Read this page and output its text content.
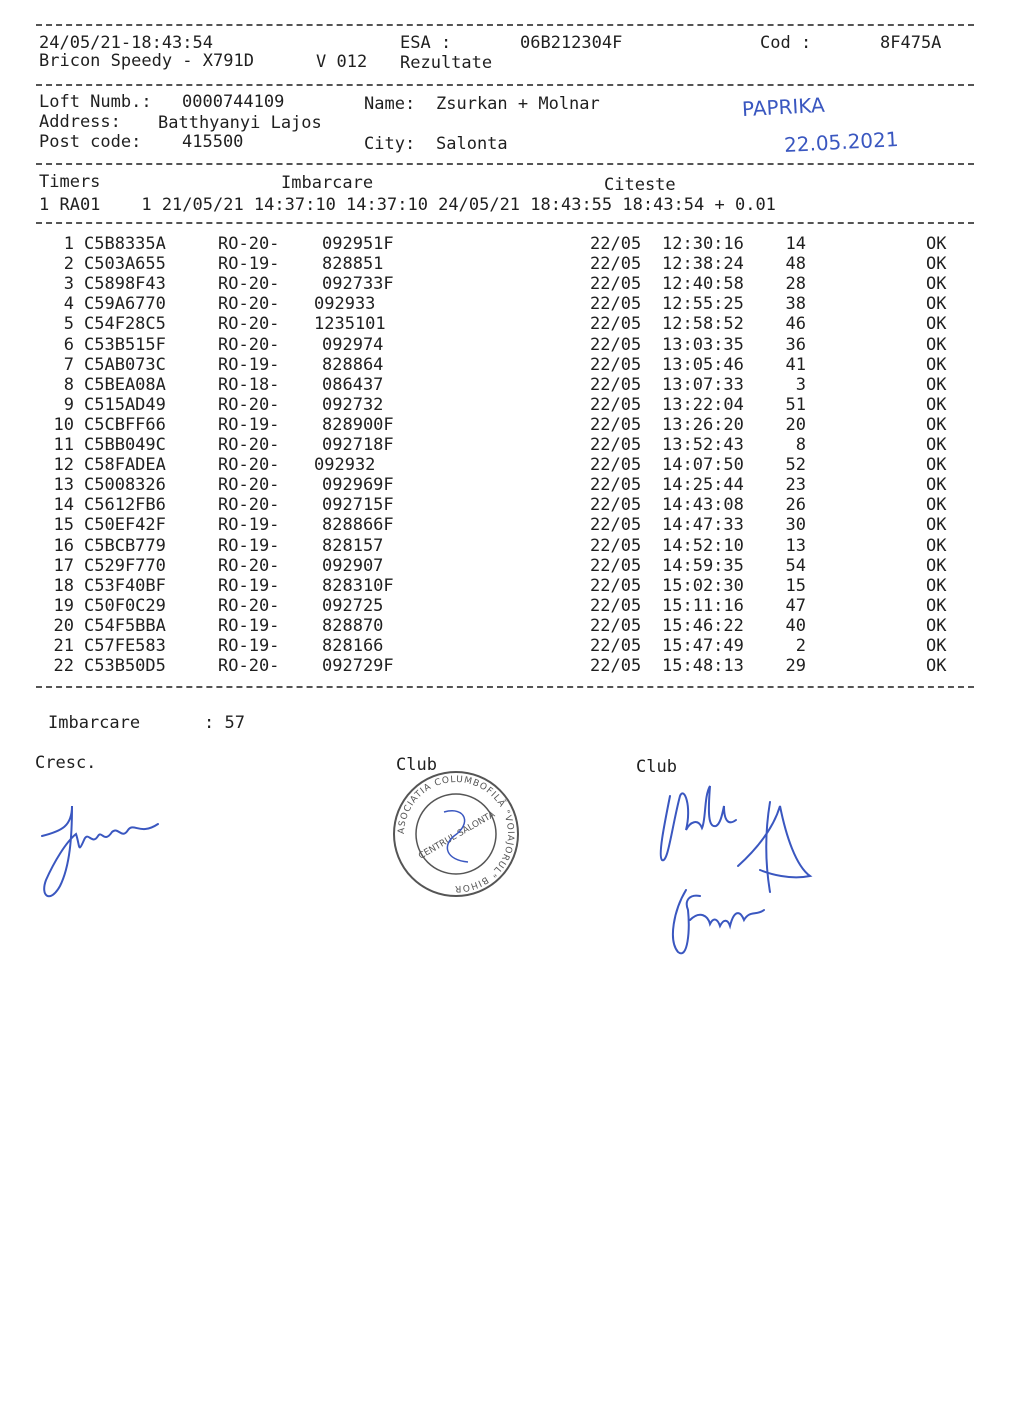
24/05/21-18:43:54	ESA :	06B212304F	Cod :	8F475A
Bricon Speedy - X791D	V 012 Rezultate
Loft Numb.: 0000744109	Name: Zsurkan + Molnar
Address: Batthyanyi Lajos
Post code: 415500	City: Salonta
PAPRIKA
22.05.2021
Timers	Imbarcare	Citeste
1 RA01    1 21/05/21 14:37:10 14:37:10 24/05/21 18:43:55 18:43:54 + 0.01
1 C5B8335A	RO-20-	092951F	22/05 12:30:16	14	OK
2 C503A655	RO-19-	828851	22/05 12:38:24	48	OK
3 C5898F43	RO-20-	092733F	22/05 12:40:58	28	OK
4 C59A6770	RO-20- 092933	22/05 12:55:25	38	OK
5 C54F28C5	RO-20- 1235101	22/05 12:58:52	46	OK
6 C53B515F	RO-20-	092974	22/05 13:03:35	36	OK
7 C5AB073C	RO-19-	828864	22/05 13:05:46	41	OK
8 C5BEA08A	RO-18-	086437	22/05 13:07:33	3	OK
9 C515AD49	RO-20-	092732	22/05 13:22:04	51	OK
10 C5CBFF66	RO-19-	828900F	22/05 13:26:20	20	OK
11 C5BB049C	RO-20-	092718F	22/05 13:52:43	8	OK
12 C58FADEA	RO-20- 092932	22/05 14:07:50	52	OK
13 C5008326	RO-20-	092969F	22/05 14:25:44	23	OK
14 C5612FB6	RO-20-	092715F	22/05 14:43:08	26	OK
15 C50EF42F	RO-19-	828866F	22/05 14:47:33	30	OK
16 C5BCB779	RO-19-	828157	22/05 14:52:10	13	OK
17 C529F770	RO-20-	092907	22/05 14:59:35	54	OK
18 C53F40BF	RO-19-	828310F	22/05 15:02:30	15	OK
19 C50F0C29	RO-20-	092725	22/05 15:11:16	47	OK
20 C54F5BBA	RO-19-	828870	22/05 15:46:22	40	OK
21 C57FE583	RO-19-	828166	22/05 15:47:49	2	OK
22 C53B50D5	RO-20-	092729F	22/05 15:48:13	29	OK
Imbarcare	: 57
Cresc.	Club	Club
ASOCIATIA COLUMBOFILĂ "VOIAJORUL" BIHOR
CENTRUL SALONTA
